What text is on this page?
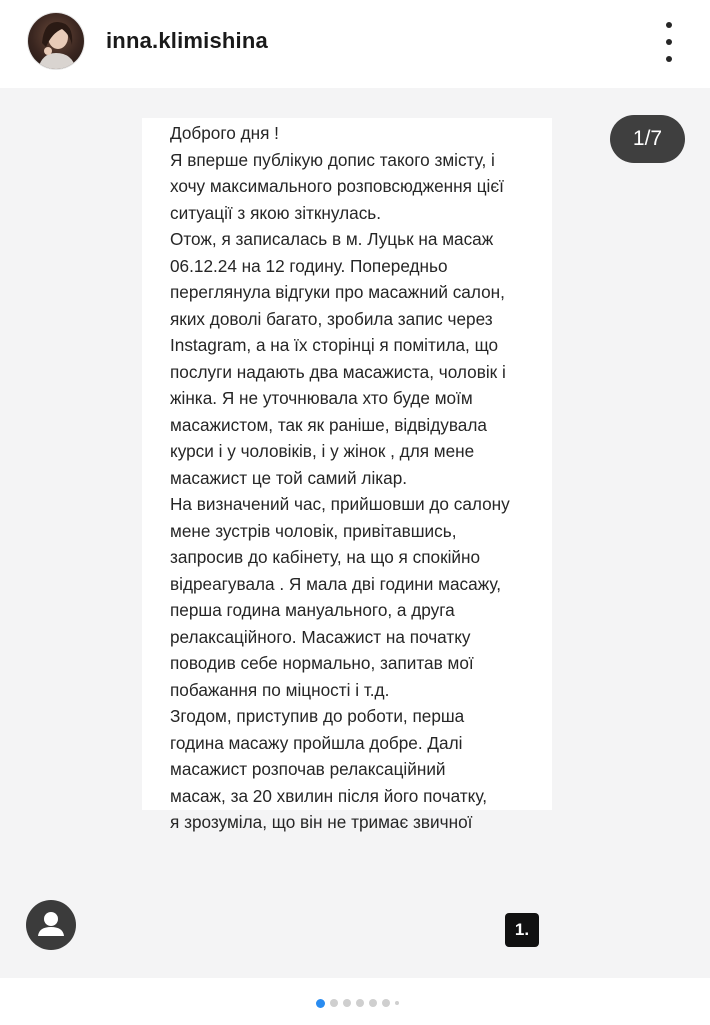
inna.klimishina
Доброго дня !
Я вперше публікую допис такого змісту, і
хочу максимального розповсюдження цієї
ситуації з якою зіткнулась.
Отож, я записалась в м. Луцьк на масаж
06.12.24 на 12 годину. Попередньо
переглянула відгуки про масажний салон,
яких доволі багато, зробила запис через
Instagram, а на їх сторінці я помітила, що
послуги надають два масажиста, чоловік і
жінка. Я не уточнювала хто буде моїм
масажистом, так як раніше, відвідувала
курси і у чоловіків, і у жінок , для мене
масажист це той самий лікар.
На визначений час, прийшовши до салону
мене зустрів чоловік, привітавшись,
запросив до кабінету, на що я спокійно
відреагувала . Я мала дві години масажу,
перша година мануального, а друга
релаксаційного. Масажист на початку
поводив себе нормально, запитав мої
побажання по міцності і т.д.
Згодом, приступив до роботи, перша
година масажу пройшла добре. Далі
масажист розпочав релаксаційний
масаж, за 20 хвилин після його початку,
я зрозуміла, що він не тримає звичної
1/7
1.
